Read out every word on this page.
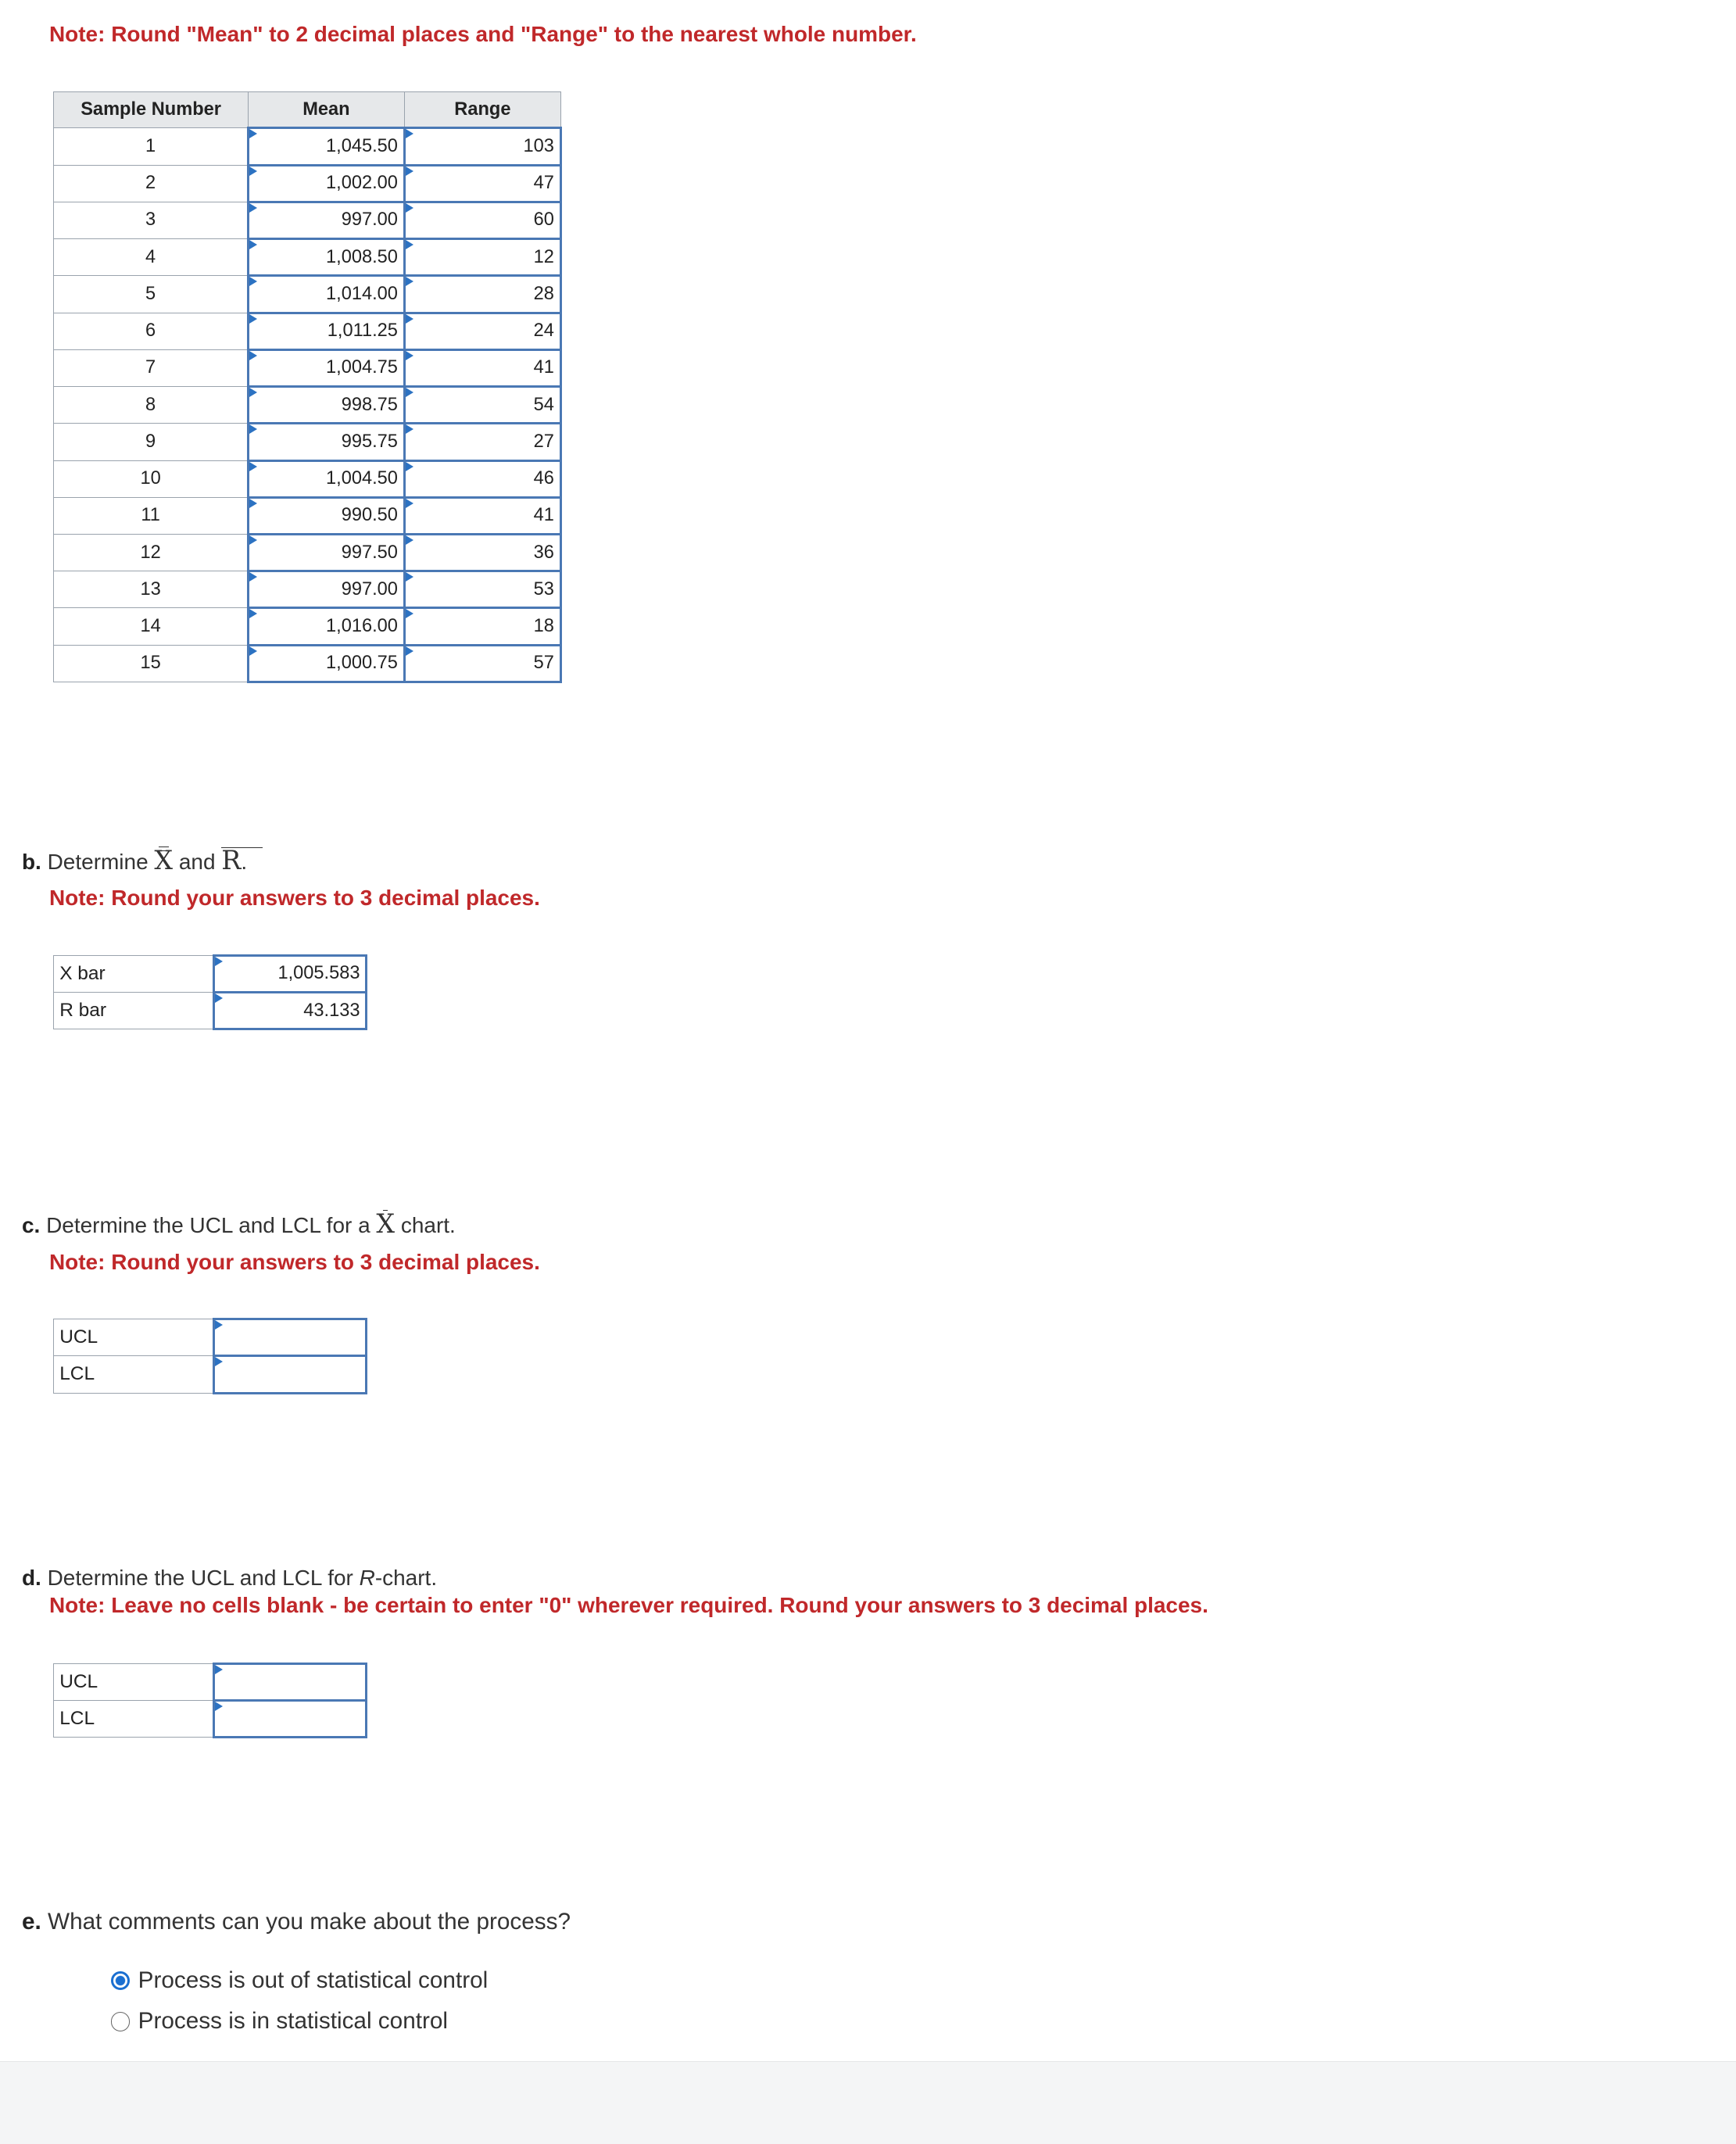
Note: Round "Mean" to 2 decimal places and "Range" to the nearest whole number.
Sample Number	Mean	Range
1	1,045.50	103
2	1,002.00	47
3	997.00	60
4	1,008.50	12
5	1,014.00	28
6	1,011.25	24
7	1,004.75	41
8	998.75	54
9	995.75	27
10	1,004.50	46
11	990.50	41
12	997.50	36
13	997.00	53
14	1,016.00	18
15	1,000.75	57
b. Determine X and R.
Note: Round your answers to 3 decimal places.
X bar	1,005.583
R bar	43.133
c. Determine the UCL and LCL for a X chart.
Note: Round your answers to 3 decimal places.
UCL	
LCL	
d. Determine the UCL and LCL for R-chart.
Note: Leave no cells blank - be certain to enter "0" wherever required. Round your answers to 3 decimal places.
UCL	
LCL	
e. What comments can you make about the process?
Process is out of statistical control
Process is in statistical control
